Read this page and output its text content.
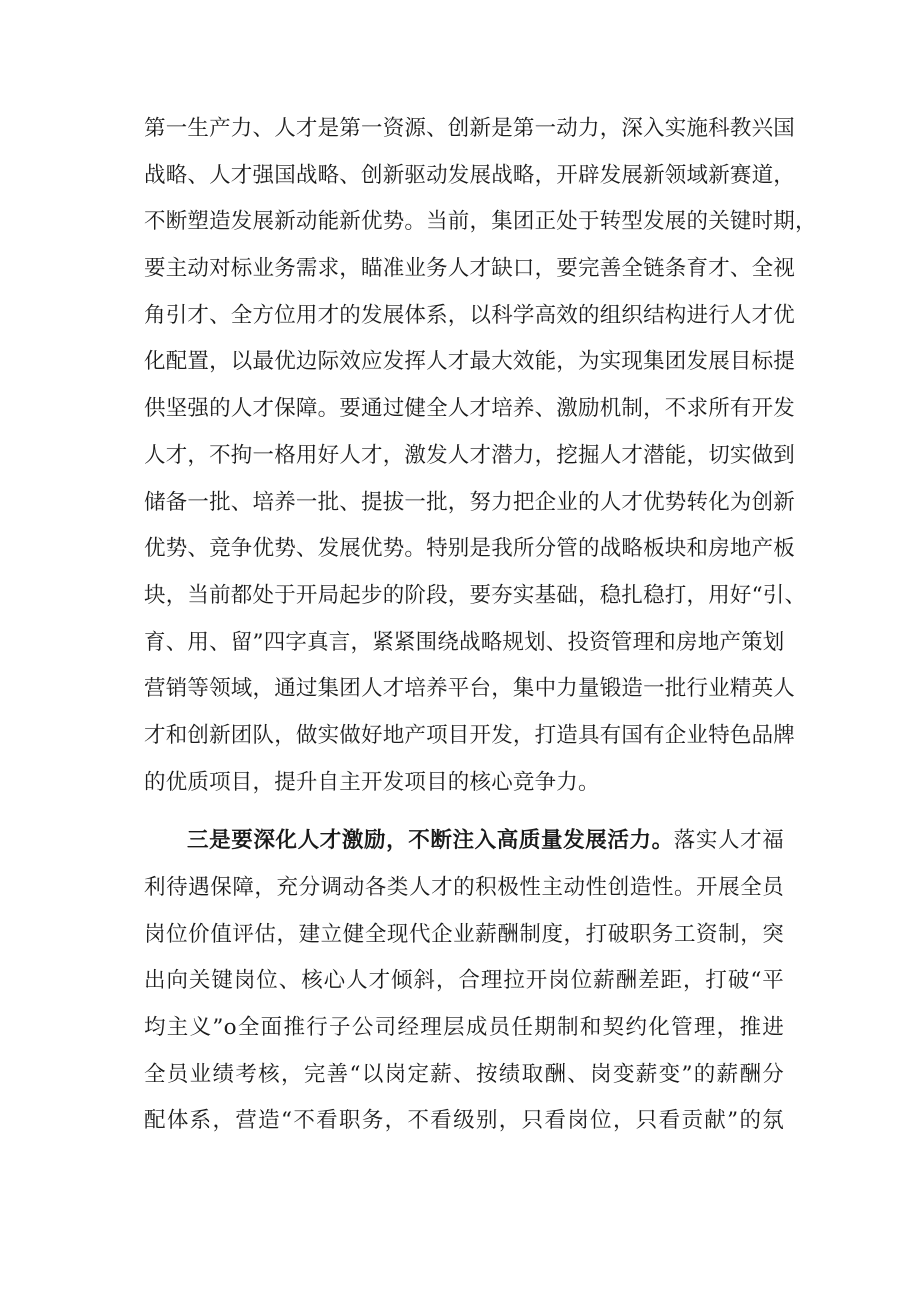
第一生产力、人才是第一资源、创新是第一动力，深入实施科教兴国
战略、人才强国战略、创新驱动发展战略，开辟发展新领域新赛道，
不断塑造发展新动能新优势。当前，集团正处于转型发展的关键时期，
要主动对标业务需求，瞄准业务人才缺口，要完善全链条育才、全视
角引才、全方位用才的发展体系，以科学高效的组织结构进行人才优
化配置，以最优边际效应发挥人才最大效能，为实现集团发展目标提
供坚强的人才保障。要通过健全人才培养、激励机制，不求所有开发
人才，不拘一格用好人才，激发人才潜力，挖掘人才潜能，切实做到
储备一批、培养一批、提拔一批，努力把企业的人才优势转化为创新
优势、竞争优势、发展优势。特别是我所分管的战略板块和房地产板
块，当前都处于开局起步的阶段，要夯实基础，稳扎稳打，用好“引、
育、用、留”四字真言，紧紧围绕战略规划、投资管理和房地产策划
营销等领域，通过集团人才培养平台，集中力量锻造一批行业精英人
才和创新团队，做实做好地产项目开发，打造具有国有企业特色品牌
的优质项目，提升自主开发项目的核心竞争力。
三是要深化人才激励，不断注入高质量发展活力。落实人才福
利待遇保障，充分调动各类人才的积极性主动性创造性。开展全员
岗位价值评估，建立健全现代企业薪酬制度，打破职务工资制，突
出向关键岗位、核心人才倾斜，合理拉开岗位薪酬差距，打破“平
均主义”o全面推行子公司经理层成员任期制和契约化管理，推进
全员业绩考核，完善“以岗定薪、按绩取酬、岗变薪变”的薪酬分
配体系，营造“不看职务，不看级别，只看岗位，只看贡献”的氛
